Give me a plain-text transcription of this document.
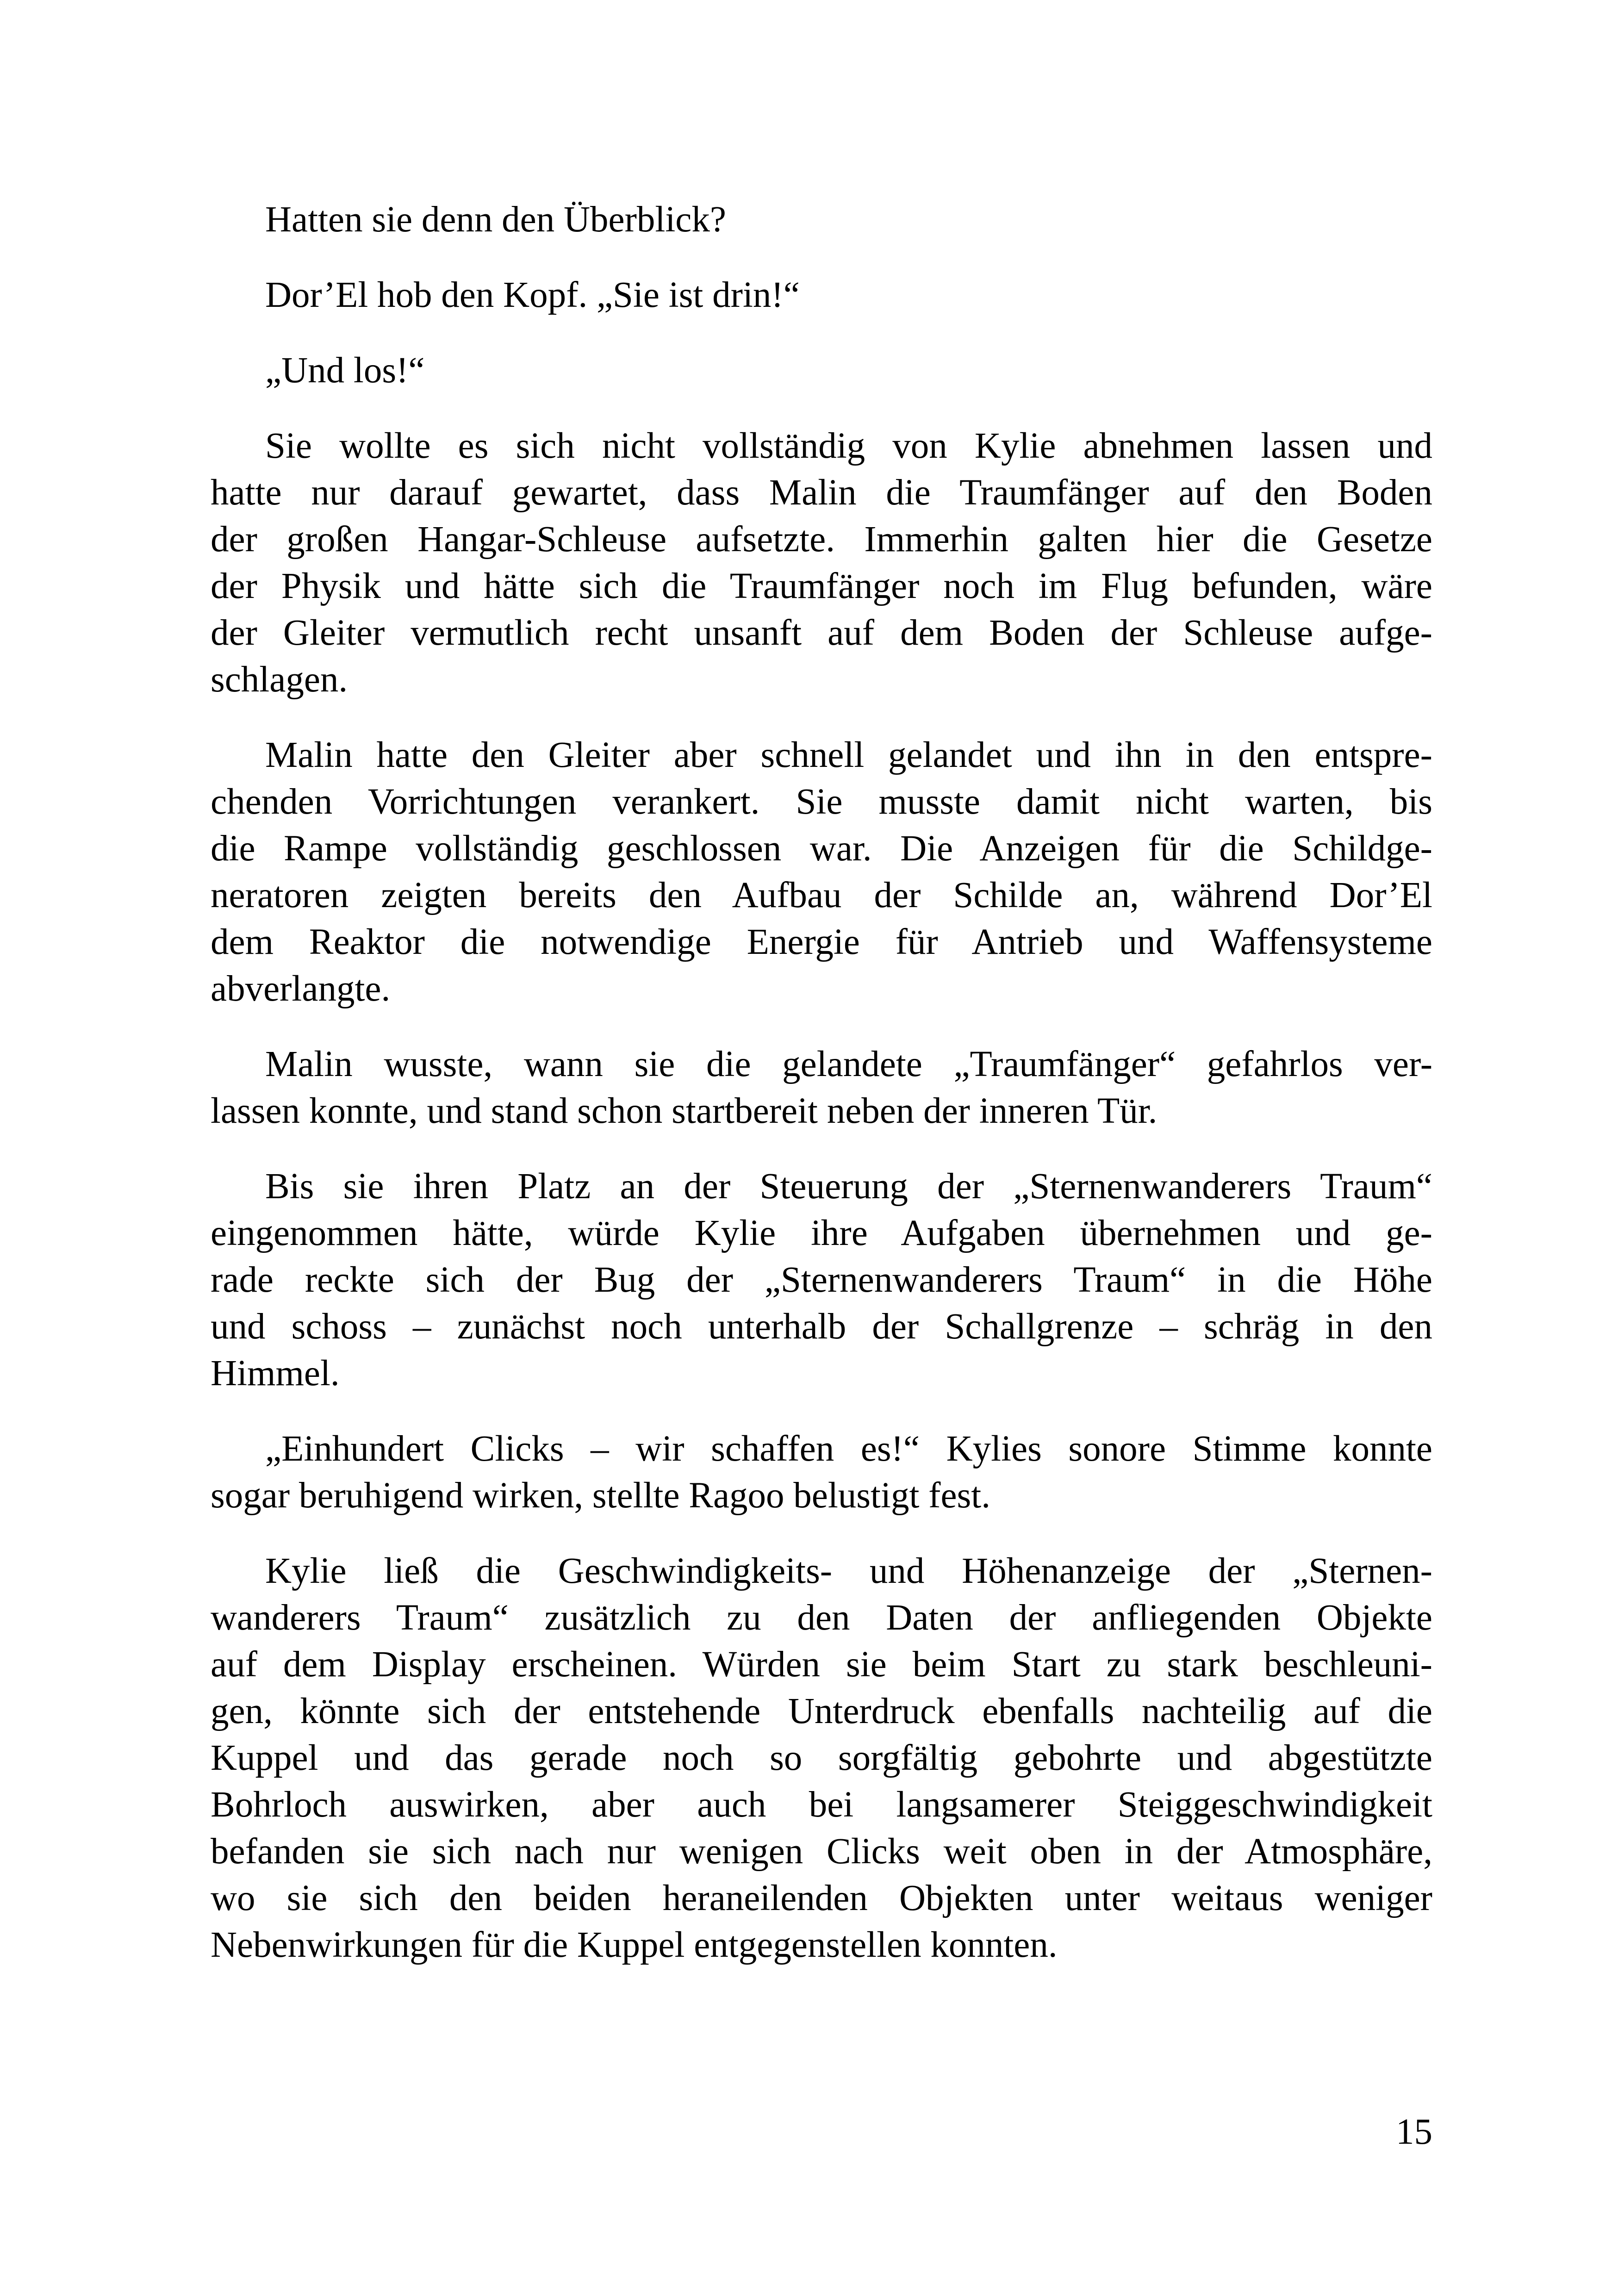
Hatten sie denn den Überblick?

Dor’El hob den Kopf. „Sie ist drin!“

„Und los!“

Sie wollte es sich nicht vollständig von Kylie abnehmen lassen und
hatte nur darauf gewartet, dass Malin die Traumfänger auf den Boden
der großen Hangar-Schleuse aufsetzte. Immerhin galten hier die Gesetze
der Physik und hätte sich die Traumfänger noch im Flug befunden, wäre
der Gleiter vermutlich recht unsanft auf dem Boden der Schleuse aufge-
schlagen.

Malin hatte den Gleiter aber schnell gelandet und ihn in den entspre-
chenden Vorrichtungen verankert. Sie musste damit nicht warten, bis
die Rampe vollständig geschlossen war. Die Anzeigen für die Schildge-
neratoren zeigten bereits den Aufbau der Schilde an, während Dor’El
dem Reaktor die notwendige Energie für Antrieb und Waffensysteme
abverlangte.

Malin wusste, wann sie die gelandete „Traumfänger“ gefahrlos ver-
lassen konnte, und stand schon startbereit neben der inneren Tür.

Bis sie ihren Platz an der Steuerung der „Sternenwanderers Traum“
eingenommen hätte, würde Kylie ihre Aufgaben übernehmen und ge-
rade reckte sich der Bug der „Sternenwanderers Traum“ in die Höhe
und schoss – zunächst noch unterhalb der Schallgrenze – schräg in den
Himmel.

„Einhundert Clicks – wir schaffen es!“ Kylies sonore Stimme konnte
sogar beruhigend wirken, stellte Ragoo belustigt fest.

Kylie ließ die Geschwindigkeits- und Höhenanzeige der „Sternen-
wanderers Traum“ zusätzlich zu den Daten der anfliegenden Objekte
auf dem Display erscheinen. Würden sie beim Start zu stark beschleuni-
gen, könnte sich der entstehende Unterdruck ebenfalls nachteilig auf die
Kuppel und das gerade noch so sorgfältig gebohrte und abgestützte
Bohrloch auswirken, aber auch bei langsamerer Steiggeschwindigkeit
befanden sie sich nach nur wenigen Clicks weit oben in der Atmosphäre,
wo sie sich den beiden heraneilenden Objekten unter weitaus weniger
Nebenwirkungen für die Kuppel entgegenstellen konnten.

15
